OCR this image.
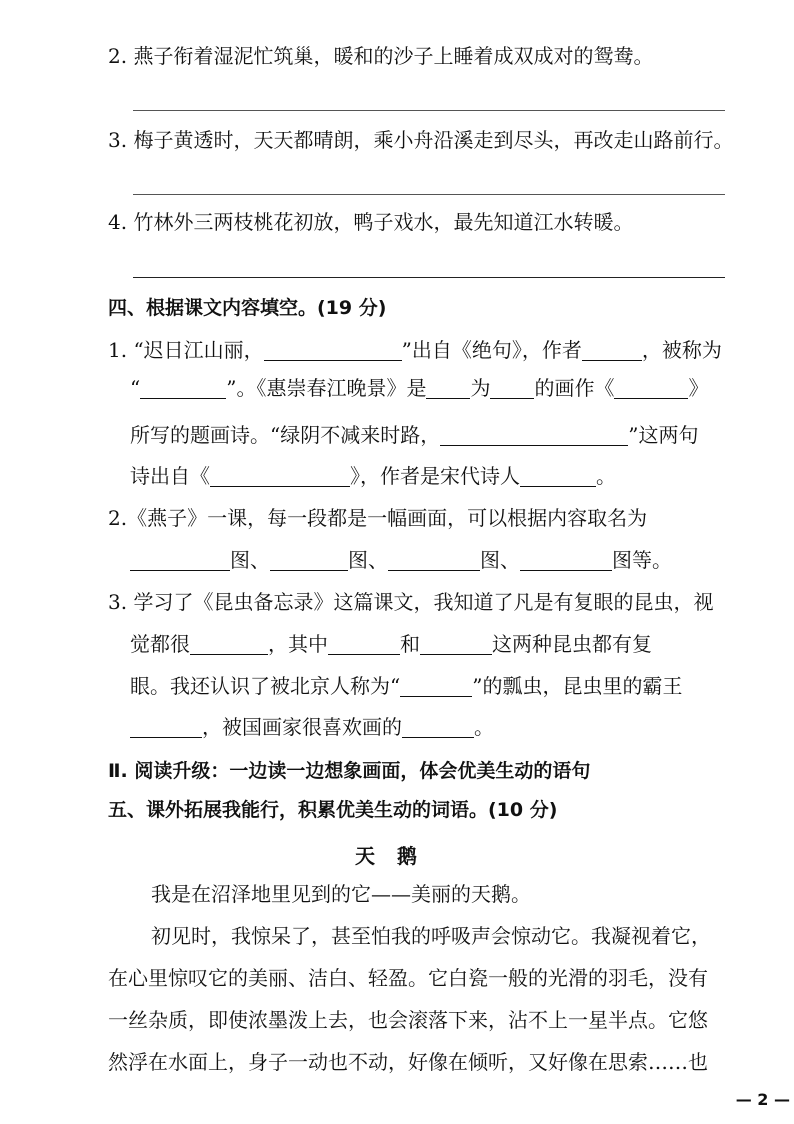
2. 燕子衔着湿泥忙筑巢，暖和的沙子上睡着成双成对的鸳鸯。
3. 梅子黄透时，天天都晴朗，乘小舟沿溪走到尽头，再改走山路前行。
4. 竹林外三两枝桃花初放，鸭子戏水，最先知道江水转暖。
四、根据课文内容填空。(19 分)
1. “迟日江山丽，	”出自《绝句》，作者	，被称为
“	”。《惠崇春江晚景》是 为 的画作《	》
所写的题画诗。“绿阴不减来时路，	”这两句
诗出自《	》，作者是宋代诗人	。
2.《燕子》一课，每一段都是一幅画面，可以根据内容取名为
图、	图、	图、	图等。
3. 学习了《昆虫备忘录》这篇课文，我知道了凡是有复眼的昆虫，视
觉都很	，其中	和	这两种昆虫都有复
眼。我还认识了被北京人称为“	”的瓢虫，昆虫里的霸王
，被国画家很喜欢画的	。
Ⅱ. 阅读升级：一边读一边想象画面，体会优美生动的语句
五、课外拓展我能行，积累优美生动的词语。(10 分)
天鹅
我是在沼泽地里见到的它——美丽的天鹅。
初见时，我惊呆了，甚至怕我的呼吸声会惊动它。我凝视着它，
在心里惊叹它的美丽、洁白、轻盈。它白瓷一般的光滑的羽毛，没有
一丝杂质，即使浓墨泼上去，也会滚落下来，沾不上一星半点。它悠
然浮在水面上，身子一动也不动，好像在倾听，又好像在思索……也
— 2 —
